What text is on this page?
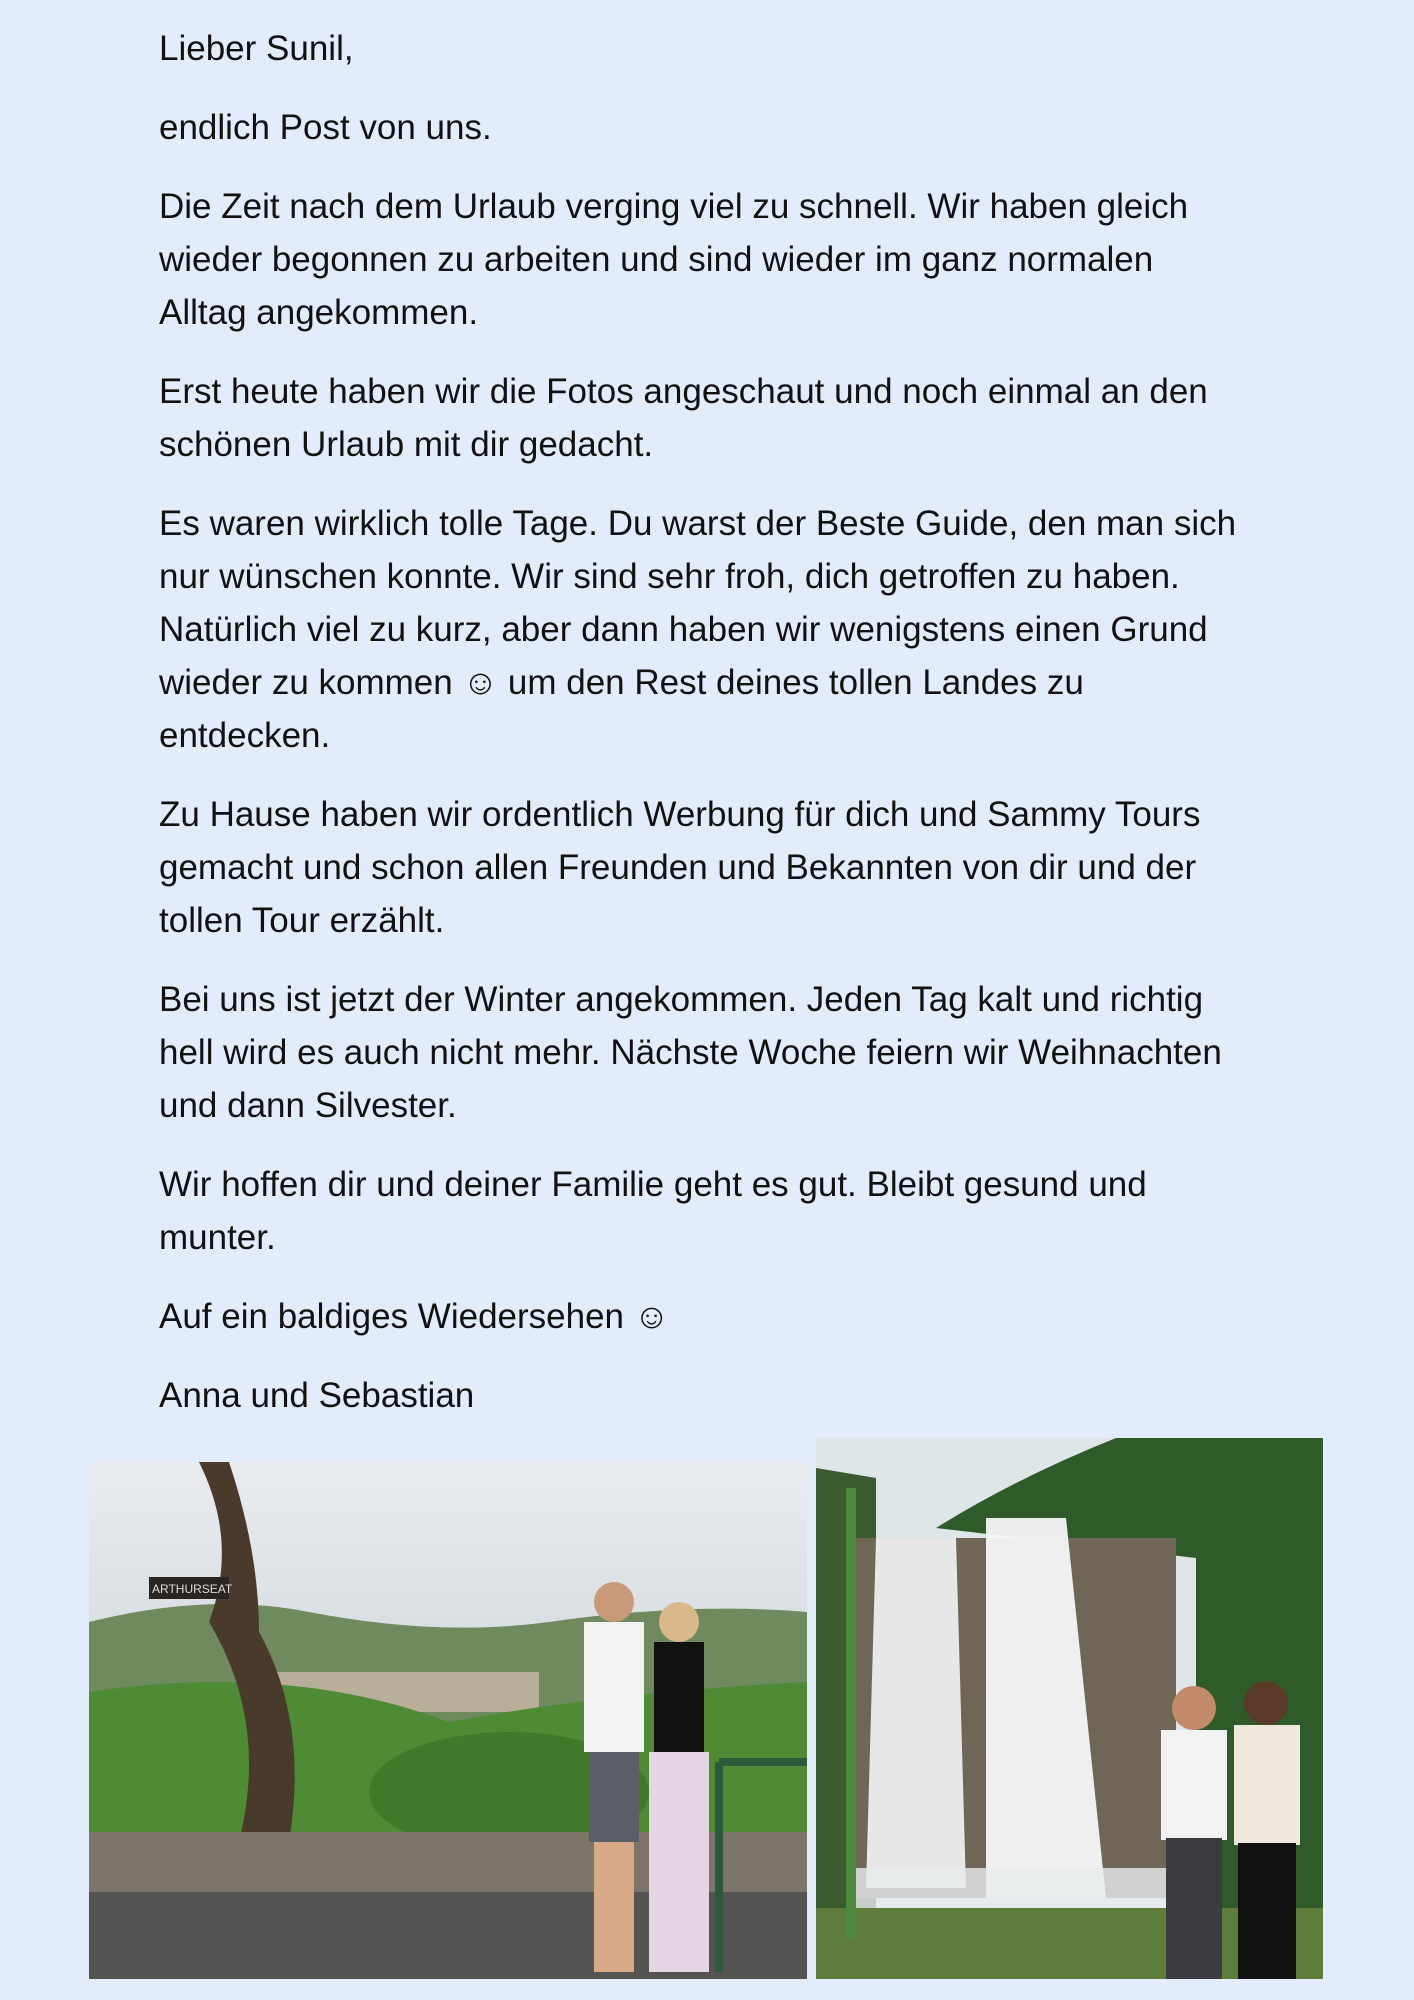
Lieber Sunil,

endlich Post von uns.

Die Zeit nach dem Urlaub verging viel zu schnell. Wir haben gleich
wieder begonnen zu arbeiten und sind wieder im ganz normalen
Alltag angekommen.

Erst heute haben wir die Fotos angeschaut und noch einmal an den
schönen Urlaub mit dir gedacht.

Es waren wirklich tolle Tage. Du warst der Beste Guide, den man sich
nur wünschen konnte. Wir sind sehr froh, dich getroffen zu haben.
Natürlich viel zu kurz, aber dann haben wir wenigstens einen Grund
wieder zu kommen ☺ um den Rest deines tollen Landes zu
entdecken.

Zu Hause haben wir ordentlich Werbung für dich und Sammy Tours
gemacht und schon allen Freunden und Bekannten von dir und der
tollen Tour erzählt.

Bei uns ist jetzt der Winter angekommen. Jeden Tag kalt und richtig
hell wird es auch nicht mehr. Nächste Woche feiern wir Weihnachten
und dann Silvester.

Wir hoffen dir und deiner Familie geht es gut. Bleibt gesund und
munter.

Auf ein baldiges Wiedersehen ☺

Anna und Sebastian

ARTHURSEAT
